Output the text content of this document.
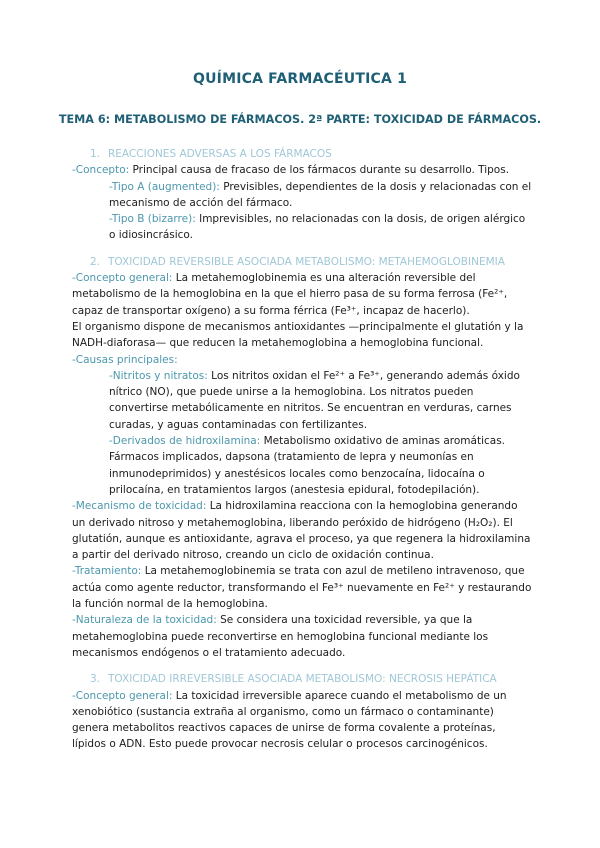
QUÍMICA FARMACÉUTICA 1
TEMA 6: METABOLISMO DE FÁRMACOS. 2ª PARTE: TOXICIDAD DE FÁRMACOS.
1. REACCIONES ADVERSAS A LOS FÁRMACOS

-Concepto: Principal causa de fracaso de los fármacos durante su desarrollo. Tipos.

-Tipo A (augmented): Previsibles, dependientes de la dosis y relacionadas con el mecanismo de acción del fármaco.

-Tipo B (bizarre): Imprevisibles, no relacionadas con la dosis, de origen alérgico o idiosincrásico.

2. TOXICIDAD REVERSIBLE ASOCIADA METABOLISMO: METAHEMOGLOBINEMIA

-Concepto general: La metahemoglobinemia es una alteración reversible del metabolismo de la hemoglobina en la que el hierro pasa de su forma ferrosa (Fe²⁺, capaz de transportar oxígeno) a su forma férrica (Fe³⁺, incapaz de hacerlo).

El organismo dispone de mecanismos antioxidantes —principalmente el glutatión y la NADH-diaforasa— que reducen la metahemoglobina a hemoglobina funcional.

-Causas principales:

-Nitritos y nitratos: Los nitritos oxidan el Fe²⁺ a Fe³⁺, generando además óxido nítrico (NO), que puede unirse a la hemoglobina. Los nitratos pueden convertirse metabólicamente en nitritos. Se encuentran en verduras, carnes curadas, y aguas contaminadas con fertilizantes.

-Derivados de hidroxilamina: Metabolismo oxidativo de aminas aromáticas. Fármacos implicados, dapsona (tratamiento de lepra y neumonías en inmunodeprimidos) y anestésicos locales como benzocaína, lidocaína o prilocaína, en tratamientos largos (anestesia epidural, fotodepilación).

-Mecanismo de toxicidad: La hidroxilamina reacciona con la hemoglobina generando un derivado nitroso y metahemoglobina, liberando peróxido de hidrógeno (H₂O₂). El glutatión, aunque es antioxidante, agrava el proceso, ya que regenera la hidroxilamina a partir del derivado nitroso, creando un ciclo de oxidación continua.

-Tratamiento: La metahemoglobinemia se trata con azul de metileno intravenoso, que actúa como agente reductor, transformando el Fe³⁺ nuevamente en Fe²⁺ y restaurando la función normal de la hemoglobina.

-Naturaleza de la toxicidad: Se considera una toxicidad reversible, ya que la metahemoglobina puede reconvertirse en hemoglobina funcional mediante los mecanismos endógenos o el tratamiento adecuado.

3. TOXICIDAD IRREVERSIBLE ASOCIADA METABOLISMO: NECROSIS HEPÁTICA

-Concepto general: La toxicidad irreversible aparece cuando el metabolismo de un xenobiótico (sustancia extraña al organismo, como un fármaco o contaminante) genera metabolitos reactivos capaces de unirse de forma covalente a proteínas, lípidos o ADN. Esto puede provocar necrosis celular o procesos carcinogénicos.
